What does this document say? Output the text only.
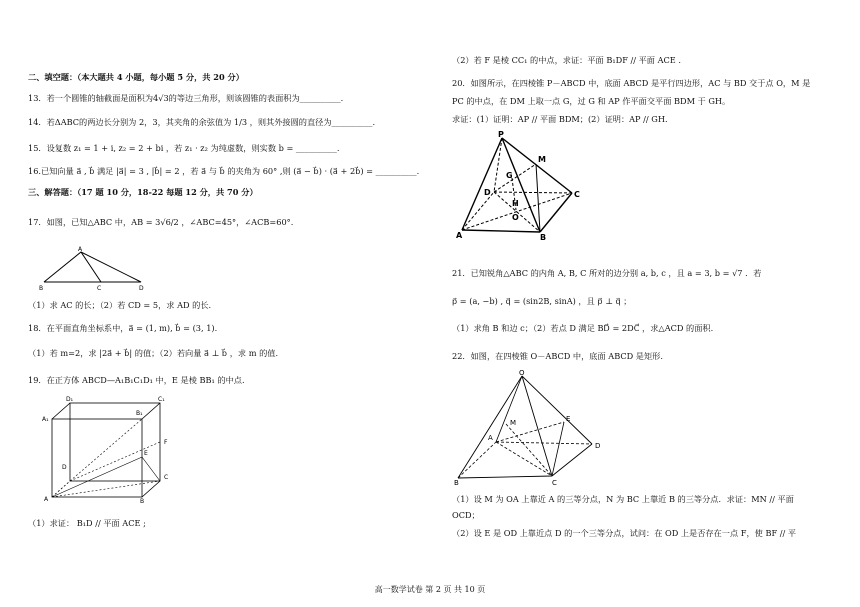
二、填空题：（本大题共 4 小题，每小题 5 分，共 20 分）
13．若一个圆锥的轴截面是面积为4√3的等边三角形，则该圆锥的表面积为__________.
14．若ΔABC的两边长分别为 2，3，其夹角的余弦值为 1/3 ，则其外接圆的直径为__________.
15．设复数 z₁ = 1 + i, z₂ = 2 + bi ，若 z₁ · z₂ 为纯虚数，则实数 b = __________.
16.已知向量 a⃗ , b⃗ 满足 |a⃗| = 3 , |b⃗| = 2 ，若 a⃗ 与 b⃗ 的夹角为 60° ,则 (a⃗ − b⃗) · (a⃗ + 2b⃗) = __________.
三、解答题：（17 题 10 分，18-22 每题 12 分，共 70 分）
17．如图，已知△ABC 中，AB = 3√6/2 ，∠ABC=45°，∠ACB=60°.
A
B	C	D
（1）求 AC 的长；（2）若 CD = 5，求 AD 的长.
18．在平面直角坐标系中，a⃗ = (1, m), b⃗ = (3, 1).
（1）若 m=2，求 |2a⃗ + b⃗| 的值；（2）若向量 a⃗ ⊥ b⃗ ，求 m 的值.
19．在正方体 ABCD—A₁B₁C₁D₁ 中，E 是棱 BB₁ 的中点.
D₁	C₁
A₁
B₁
F
D
E
C
A	B
（1）求证： B₁D // 平面 ACE ;
（2）若 F 是棱 CC₁ 的中点，求证：平面 B₁DF // 平面 ACE .
20．如图所示，在四棱锥 P－ABCD 中，底面 ABCD 是平行四边形，AC 与 BD 交于点 O，M 是
PC 的中点，在 DM 上取一点 G，过 G 和 AP 作平面交平面 BDM 于 GH。
求证：(1）证明：AP // 平面 BDM；(2）证明：AP // GH.
P
M
G
D
H
C
O
A	B
21．已知锐角△ABC 的内角 A, B, C 所对的边分别 a, b, c ，且 a = 3, b = √7 ．若
p⃗ = (a, −b) , q⃗ = (sin2B, sinA) ，且 p⃗ ⊥ q⃗ ；
（1）求角 B 和边 c；（2）若点 D 满足 BD⃗ = 2DC⃗ ，求△ACD 的面积.
22．如图，在四棱锥 O－ABCD 中，底面 ABCD 是矩形.
O
E
M
A
D
B	C
（1）设 M 为 OA 上靠近 A 的三等分点，N 为 BC 上靠近 B 的三等分点．求证：MN // 平面
OCD；
（2）设 E 是 OD 上靠近点 D 的一个三等分点，试问：在 OD 上是否存在一点 F，使 BF // 平
高一数学试卷 第 2 页 共 10 页
